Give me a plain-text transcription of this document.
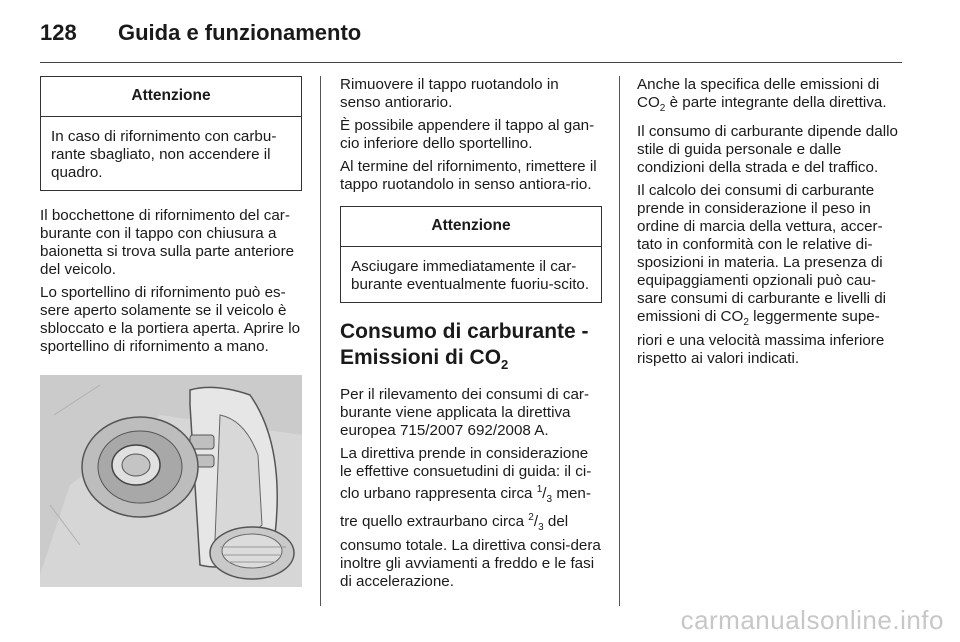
128 Guida e funzionamento
Attenzione
In caso di rifornimento con carbu-rante sbagliato, non accendere il quadro.

Il bocchettone di rifornimento del car-burante con il tappo con chiusura a baionetta si trova sulla parte anteriore del veicolo.

Lo sportellino di rifornimento può es-sere aperto solamente se il veicolo è sbloccato e la portiera aperta. Aprire lo sportellino di rifornimento a mano.

Rimuovere il tappo ruotandolo in senso antiorario.

È possibile appendere il tappo al gan-cio inferiore dello sportellino.

Al termine del rifornimento, rimettere il tappo ruotandolo in senso antiora-rio.

Attenzione
Asciugare immediatamente il car-burante eventualmente fuoriu-scito.
Consumo di carburante - Emissioni di $CO_2$

Per il rilevamento dei consumi di car-burante viene applicata la direttiva europea 715/2007 692/2008 A.

La direttiva prende in considerazione le effettive consuetudini di guida: il ci-clo urbano rappresenta circa $^1/_3$ men-tre quello extraurbano circa $^2/_3$ del consumo totale. La direttiva consi-dera inoltre gli avviamenti a freddo e le fasi di accelerazione.

Anche la specifica delle emissioni di $CO_2$ è parte integrante della direttiva.

Il consumo di carburante dipende dallo stile di guida personale e dalle condizioni della strada e del traffico.

Il calcolo dei consumi di carburante prende in considerazione il peso in ordine di marcia della vettura, accer-tato in conformità con le relative di-sposizioni in materia. La presenza di equipaggiamenti opzionali può cau-sare consumi di carburante e livelli di emissioni di $CO_2$ leggermente supe-riori e una velocità massima inferiore rispetto ai valori indicati.

carmanualsonline.info
